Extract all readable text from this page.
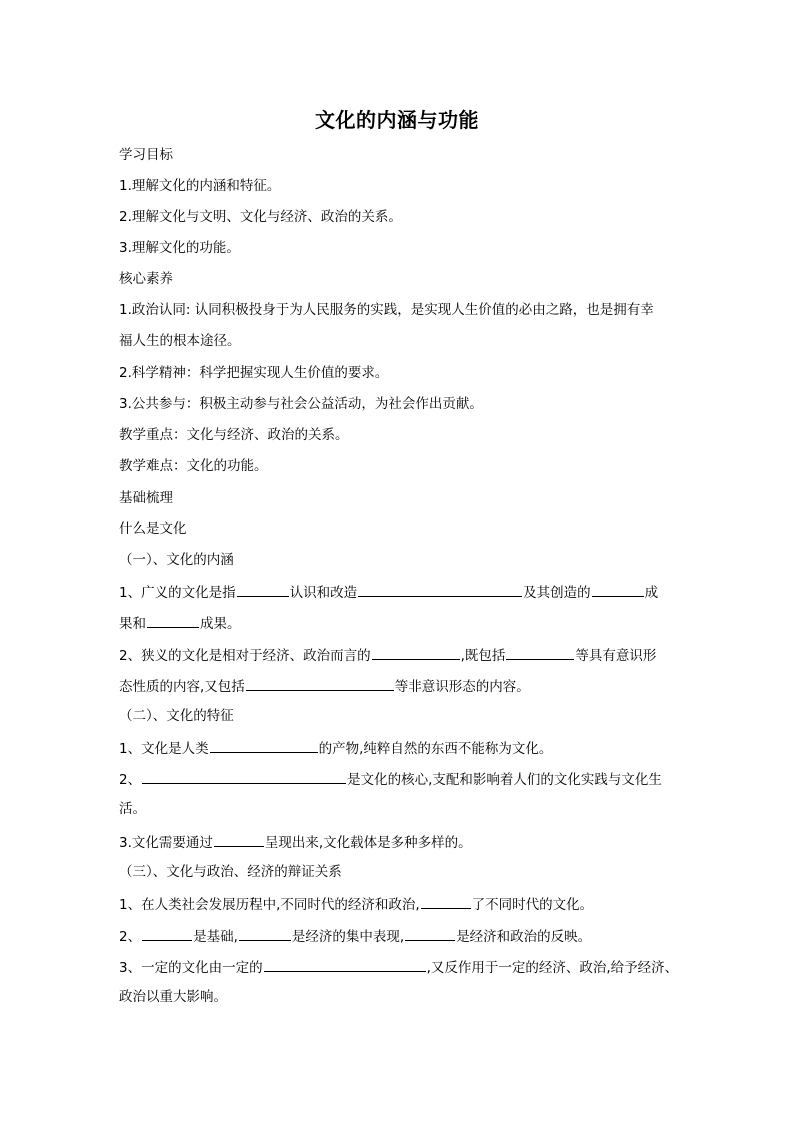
文化的内涵与功能
学习目标
1.理解文化的内涵和特征。
2.理解文化与文明、文化与经济、政治的关系。
3.理解文化的功能。
核心素养
1.政治认同: 认同积极投身于为人民服务的实践，是实现人生价值的必由之路，也是拥有幸
福人生的根本途径。
2.科学精神：科学把握实现人生价值的要求。
3.公共参与：积极主动参与社会公益活动，为社会作出贡献。
教学重点：文化与经济、政治的关系。
教学难点：文化的功能。
基础梳理
什么是文化
（一）、文化的内涵
1、广义的文化是指	认识和改造	及其创造的	成
果和	成果。
2、狭义的文化是相对于经济、政治而言的	,既包括	等具有意识形
态性质的内容,又包括	等非意识形态的内容。
（二）、文化的特征
1、文化是人类	的产物,纯粹自然的东西不能称为文化。
2、	是文化的核心,支配和影响着人们的文化实践与文化生
活。
3.文化需要通过	呈现出来,文化载体是多种多样的。
（三）、文化与政治、经济的辩证关系
1、在人类社会发展历程中,不同时代的经济和政治,	了不同时代的文化。
2、	是基础,	是经济的集中表现,	是经济和政治的反映。
3、一定的文化由一定的	,又反作用于一定的经济、政治,给予经济、
政治以重大影响。
